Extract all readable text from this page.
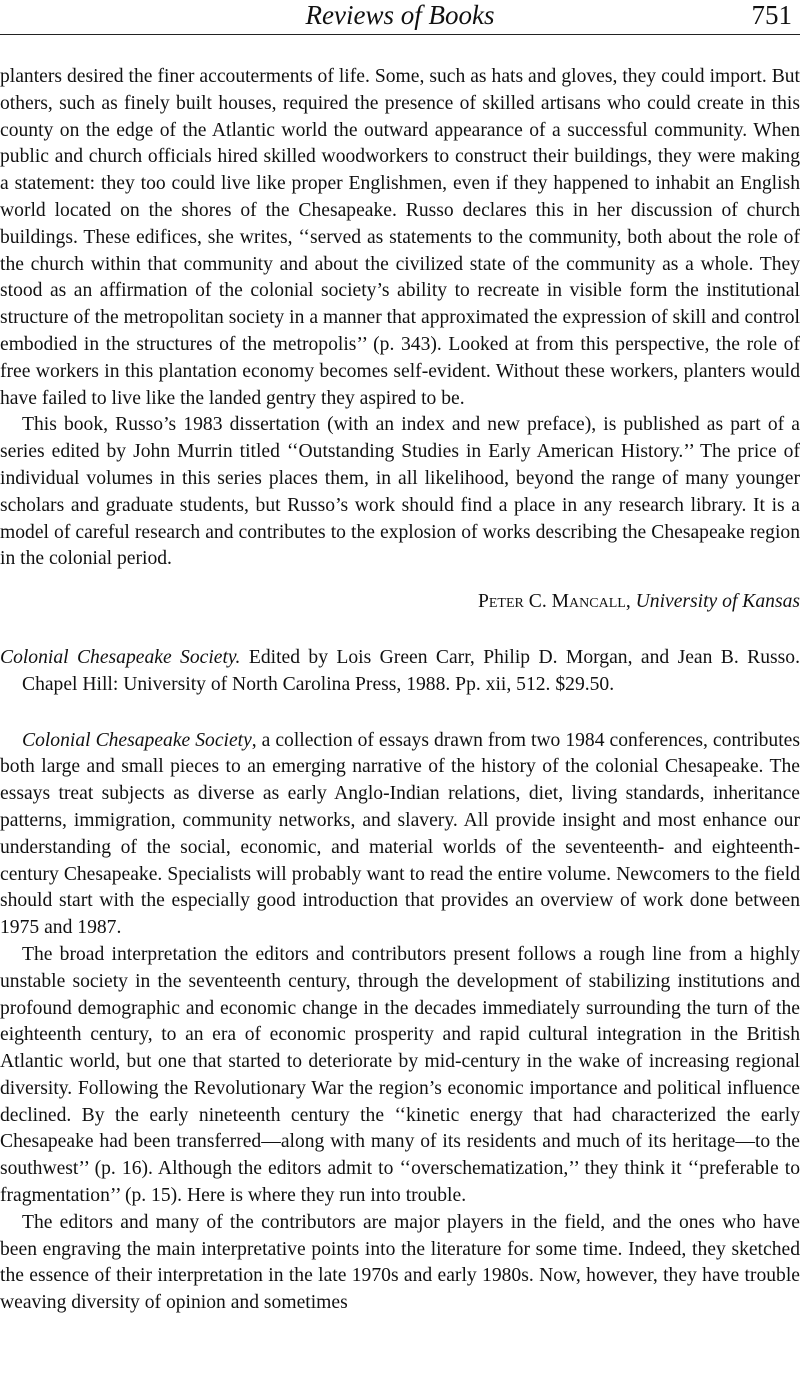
Reviews of Books	751

planters desired the finer accouterments of life. Some, such as hats and gloves, they could import. But others, such as finely built houses, required the presence of skilled artisans who could create in this county on the edge of the Atlantic world the outward appearance of a successful community. When public and church officials hired skilled woodworkers to construct their buildings, they were making a statement: they too could live like proper Englishmen, even if they happened to inhabit an English world located on the shores of the Chesapeake. Russo declares this in her discussion of church buildings. These edifices, she writes, ‘‘served as statements to the community, both about the role of the church within that community and about the civilized state of the community as a whole. They stood as an affirmation of the colonial society’s ability to recreate in visible form the institutional structure of the metropolitan society in a manner that approximated the expression of skill and control embodied in the structures of the metropolis’’ (p. 343). Looked at from this perspective, the role of free workers in this plantation economy becomes self-evident. Without these workers, planters would have failed to live like the landed gentry they aspired to be.

This book, Russo’s 1983 dissertation (with an index and new preface), is published as part of a series edited by John Murrin titled ‘‘Outstanding Studies in Early American History.’’ The price of individual volumes in this series places them, in all likelihood, beyond the range of many younger scholars and graduate students, but Russo’s work should find a place in any research library. It is a model of careful research and contributes to the explosion of works describing the Chesapeake region in the colonial period.

Peter C. Mancall, University of Kansas

Colonial Chesapeake Society. Edited by Lois Green Carr, Philip D. Morgan, and Jean B. Russo. Chapel Hill: University of North Carolina Press, 1988. Pp. xii, 512. $29.50.

Colonial Chesapeake Society, a collection of essays drawn from two 1984 conferences, contributes both large and small pieces to an emerging narrative of the history of the colonial Chesapeake. The essays treat subjects as diverse as early Anglo-Indian relations, diet, living standards, inheritance patterns, immigration, community networks, and slavery. All provide insight and most enhance our understanding of the social, economic, and material worlds of the seventeenth- and eighteenth-century Chesapeake. Specialists will probably want to read the entire volume. Newcomers to the field should start with the especially good introduction that provides an overview of work done between 1975 and 1987.

The broad interpretation the editors and contributors present follows a rough line from a highly unstable society in the seventeenth century, through the development of stabilizing institutions and profound demographic and economic change in the decades immediately surrounding the turn of the eighteenth century, to an era of economic prosperity and rapid cultural integration in the British Atlantic world, but one that started to deteriorate by mid-century in the wake of increasing regional diversity. Following the Revolutionary War the region’s economic importance and political influence declined. By the early nineteenth century the ‘‘kinetic energy that had characterized the early Chesapeake had been transferred—along with many of its residents and much of its heritage—to the southwest’’ (p. 16). Although the editors admit to ‘‘overschematization,’’ they think it ‘‘preferable to fragmentation’’ (p. 15). Here is where they run into trouble.

The editors and many of the contributors are major players in the field, and the ones who have been engraving the main interpretative points into the literature for some time. Indeed, they sketched the essence of their interpretation in the late 1970s and early 1980s. Now, however, they have trouble weaving diversity of opinion and sometimes
